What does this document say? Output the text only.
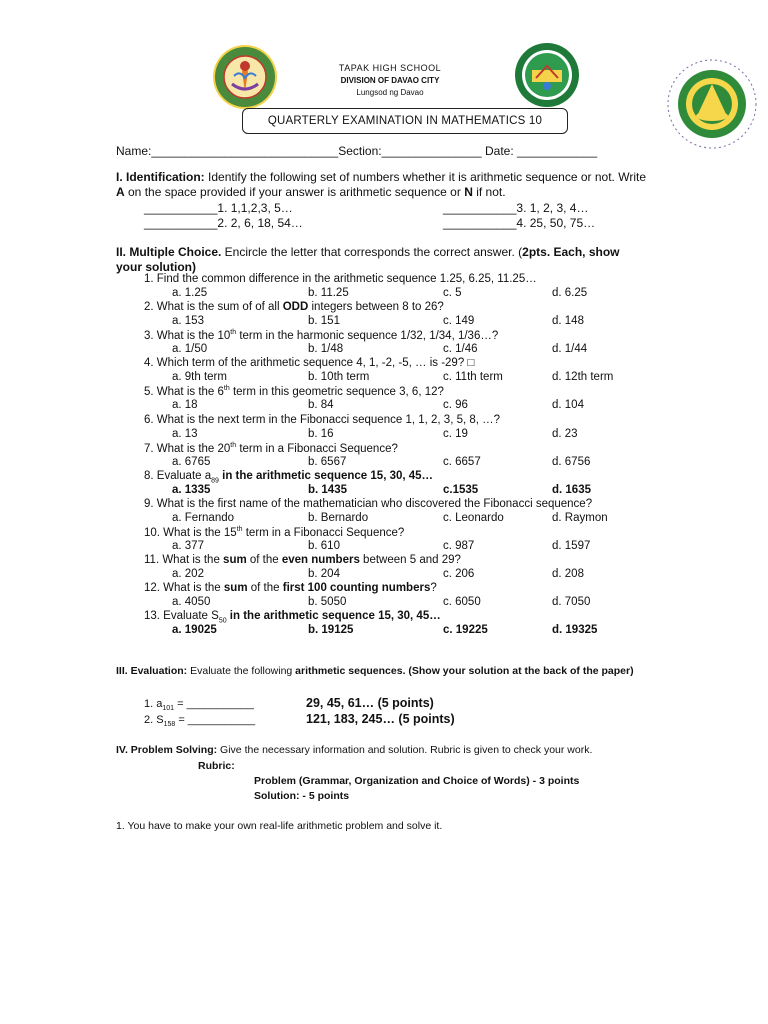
TAPAK HIGH SCHOOL
DIVISION OF DAVAO CITY
Lungsod ng Davao
QUARTERLY EXAMINATION IN MATHEMATICS 10
Name:____________________________Section:_______________ Date: ____________
I. Identification: Identify the following set of numbers whether it is arithmetic sequence or not. Write
A on the space provided if your answer is arithmetic sequence or N if not.
___________1. 1,1,2,3, 5…	___________3. 1, 2, 3, 4…
___________2. 2, 6, 18, 54…	___________4. 25, 50, 75…
II. Multiple Choice. Encircle the letter that corresponds the correct answer. (2pts. Each, show
your solution)
1. Find the common difference in the arithmetic sequence 1.25, 6.25, 11.25…
a. 1.25	b. 11.25	c. 5	d. 6.25
2. What is the sum of of all ODD integers between 8 to 26?
a. 153	b. 151	c. 149	d. 148
3. What is the 10th term in the harmonic sequence 1/32, 1/34, 1/36…?
a. 1/50	b. 1/48	c. 1/46	d. 1/44
4. Which term of the arithmetic sequence 4, 1, -2, -5, … is -29? □
a. 9th term	b. 10th term	c. 11th term	d. 12th term
5. What is the 6th term in this geometric sequence 3, 6, 12?
a. 18	b. 84	c. 96	d. 104
6. What is the next term in the Fibonacci sequence 1, 1, 2, 3, 5, 8, …?
a. 13	b. 16	c. 19	d. 23
7. What is the 20th term in a Fibonacci Sequence?
a. 6765	b. 6567	c. 6657	d. 6756
8. Evaluate $a_{89}$ in the arithmetic sequence 15, 30, 45…
a. 1335	b. 1435	c.1535	d. 1635
9. What is the first name of the mathematician who discovered the Fibonacci sequence?
a. Fernando	b. Bernardo	c. Leonardo	d. Raymon
10. What is the 15th term in a Fibonacci Sequence?
a. 377	b. 610	c. 987	d. 1597
11. What is the sum of the even numbers between 5 and 29?
a. 202	b. 204	c. 206	d. 208
12. What is the sum of the first 100 counting numbers?
a. 4050	b. 5050	c. 6050	d. 7050
13. Evaluate $S_{50}$ in the arithmetic sequence 15, 30, 45…
a. 19025	b. 19125	c. 19225	d. 19325
III. Evaluation: Evaluate the following arithmetic sequences. (Show your solution at the back of the paper)
1. $a_{101}$ = ___________	29, 45, 61… (5 points)
2. $S_{158}$ = ___________	121, 183, 245… (5 points)
IV. Problem Solving: Give the necessary information and solution. Rubric is given to check your work.
Rubric:
Problem (Grammar, Organization and Choice of Words) - 3 points
Solution: - 5 points
1. You have to make your own real-life arithmetic problem and solve it.
